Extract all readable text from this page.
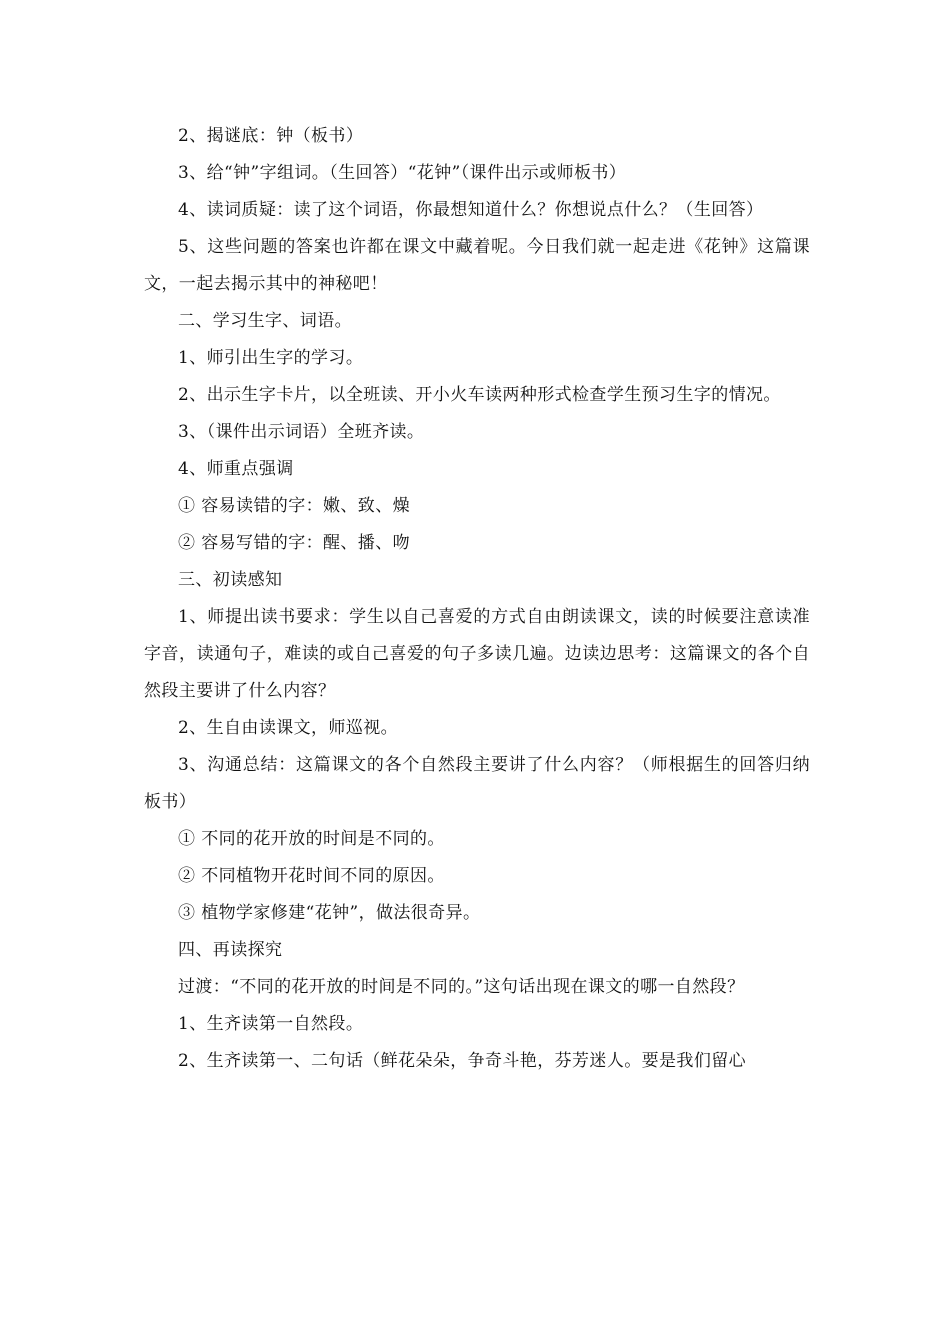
2、揭谜底：钟（板书）

3、给“钟”字组词。（生回答）“花钟”（课件出示或师板书）

4、读词质疑：读了这个词语，你最想知道什么？你想说点什么？（生回答）

5、这些问题的答案也许都在课文中藏着呢。今日我们就一起走进《花钟》这篇课文，一起去揭示其中的神秘吧！

二、学习生字、词语。

1、师引出生字的学习。

2、出示生字卡片，以全班读、开小火车读两种形式检查学生预习生字的情况。

3、（课件出示词语）全班齐读。

4、师重点强调

① 容易读错的字：嫩、致、燥

② 容易写错的字：醒、播、吻

三、初读感知

1、师提出读书要求：学生以自己喜爱的方式自由朗读课文，读的时候要注意读准字音，读通句子，难读的或自己喜爱的句子多读几遍。边读边思考：这篇课文的各个自然段主要讲了什么内容？

2、生自由读课文，师巡视。

3、沟通总结：这篇课文的各个自然段主要讲了什么内容？（师根据生的回答归纳板书）

① 不同的花开放的时间是不同的。

② 不同植物开花时间不同的原因。

③ 植物学家修建“花钟”，做法很奇异。

四、再读探究

过渡：“不同的花开放的时间是不同的。”这句话出现在课文的哪一自然段？

1、生齐读第一自然段。

2、生齐读第一、二句话（鲜花朵朵，争奇斗艳，芬芳迷人。要是我们留心
